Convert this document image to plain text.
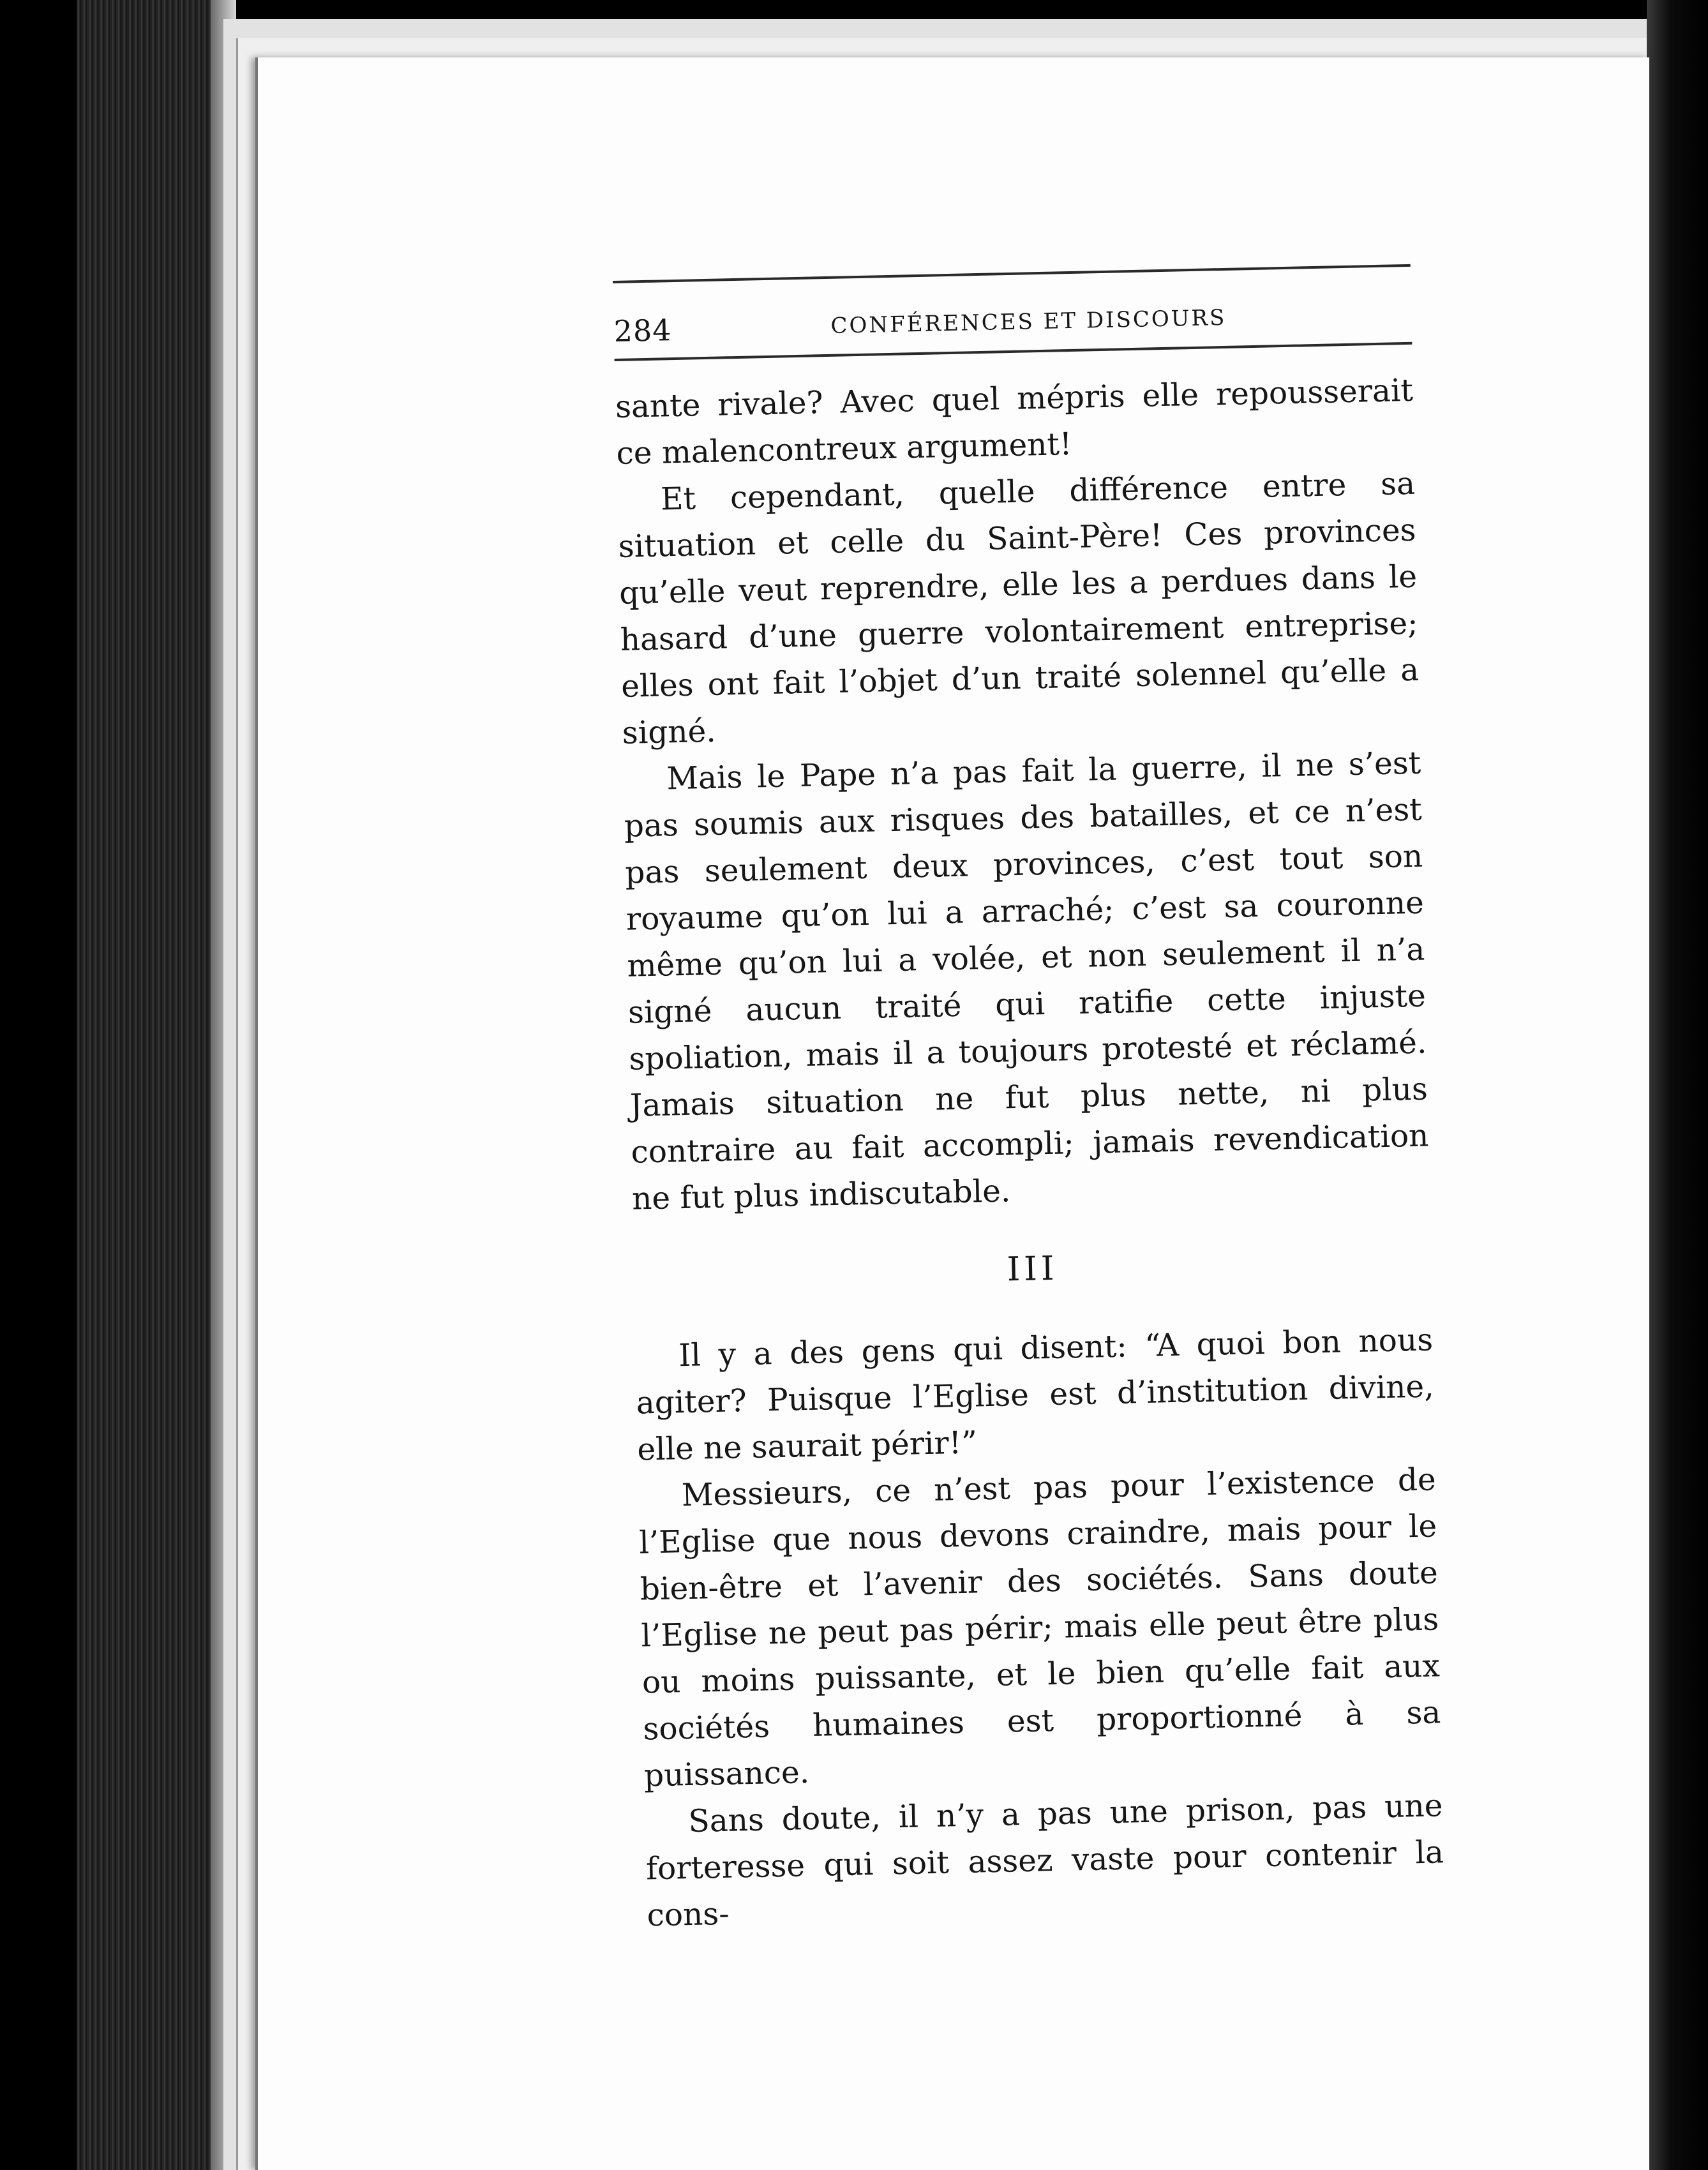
284	CONFÉRENCES ET DISCOURS

sante rivale? Avec quel mépris elle repousserait ce malencontreux argument!

Et cependant, quelle différence entre sa situation et celle du Saint-Père! Ces provinces qu’elle veut reprendre, elle les a perdues dans le hasard d’une guerre volontairement entreprise; elles ont fait l’objet d’un traité solennel qu’elle a signé.

Mais le Pape n’a pas fait la guerre, il ne s’est pas soumis aux risques des batailles, et ce n’est pas seulement deux provinces, c’est tout son royaume qu’on lui a arraché; c’est sa couronne même qu’on lui a volée, et non seulement il n’a signé aucun traité qui ratifie cette injuste spoliation, mais il a toujours protesté et réclamé. Jamais situation ne fut plus nette, ni plus contraire au fait accompli; jamais revendication ne fut plus indiscutable.

III

Il y a des gens qui disent: “A quoi bon nous agiter? Puisque l’Eglise est d’institution divine, elle ne saurait périr!”

Messieurs, ce n’est pas pour l’existence de l’Eglise que nous devons craindre, mais pour le bien-être et l’avenir des sociétés. Sans doute l’Eglise ne peut pas périr; mais elle peut être plus ou moins puissante, et le bien qu’elle fait aux sociétés humaines est proportionné à sa puissance.

Sans doute, il n’y a pas une prison, pas une forteresse qui soit assez vaste pour contenir la cons-
